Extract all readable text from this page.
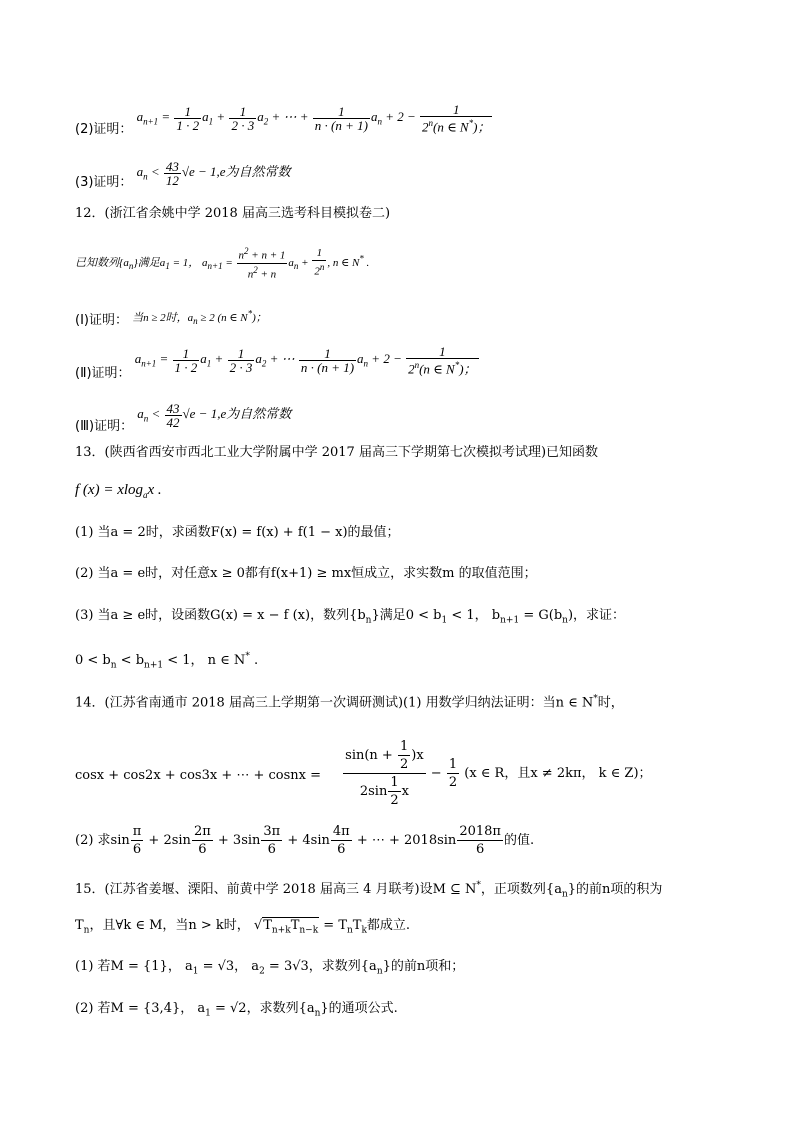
(2)证明： $a_{n+1} = \frac{1}{1 \cdot 2} a_1 + \frac{1}{2 \cdot 3} a_2$ + ⋯ + $\frac{1}{n \cdot (n + 1)} a_n + 2 - \frac{1}{2^n(n \in N^*);}$
(3)证明： $a_n < \frac{43}{12} √e - 1,e$为自然常数
12．(浙江省余姚中学 2018 届高三选考科目模拟卷二)
已知数列$\{a_n\}$满足$a_1 = 1$， $a_{n+1} = \frac{n^2 + n + 1}{n^2 + n} a_n + \frac{1}{2^n}$ , n ∈ N* .
(Ⅰ)证明： 当n ≥ 2时，$a_n \ge 2$ (n ∈ N*)；
(Ⅱ)证明： $a_{n+1} = \frac{1}{1 \cdot 2} a_1 + \frac{1}{2 \cdot 3} a_2$ + ⋯ $\frac{1}{n \cdot (n + 1)} a_n + 2 - \frac{1}{2^n(n \in N^*);}$
(Ⅲ)证明： $a_n < \frac{43}{42} √e - 1,e$为自然常数
13．(陕西省西安市西北工业大学附属中学 2017 届高三下学期第七次模拟考试理)已知函数
f (x) = xlog$_a$x .
(1) 当a = 2时，求函数F(x) = f(x) + f(1 − x)的最值；
(2) 当a = e时，对任意x ≥ 0都有f(x+1) ≥ mx恒成立，求实数m 的取值范围；
(3) 当a ≥ e时，设函数G(x) = x − f (x)，数列$\{b_n\}$满足$0 < b_1 < 1$， $b_{n+1} = G(b_n)$，求证：
$0 < b_n < b_{n+1} < 1$， n ∈ N* .
14．(江苏省南通市 2018 届高三上学期第一次调研测试)(1) 用数学归纳法证明：当n ∈ N*时，
cosx + cos2x + cos3x + ⋯ + cosnx = $\frac{\sin(n + \frac{1}{2} )x}{2\sin \frac{1}{2} x} - \frac{1}{2} (x$ ∈ R，且x ≠ 2kπ， k ∈ Z)；
(2) 求$\sin \frac{\pi}{6} + 2\sin \frac{2\pi}{6} + 3\sin \frac{3\pi}{6} + 4\sin \frac{4\pi}{6}$ + ⋯ + $2018\sin \frac{2018\pi}{6}$ 的值.
15．(江苏省姜堰、溧阳、前黄中学 2018 届高三 4 月联考)设M ⊆ N*，正项数列$\{a_n\}$的前n项的积为
$T_n$，且∀k ∈ M，当n > k时， $√T_{n+k}T_{n-k} = T_nT_k$都成立.
(1) 若M = {1}， $a_1 = √3$， $a_2 = 3√3$，求数列$\{a_n\}$的前n项和；
(2) 若M = {3,4}， $a_1 = √2$，求数列$\{a_n\}$的通项公式.
